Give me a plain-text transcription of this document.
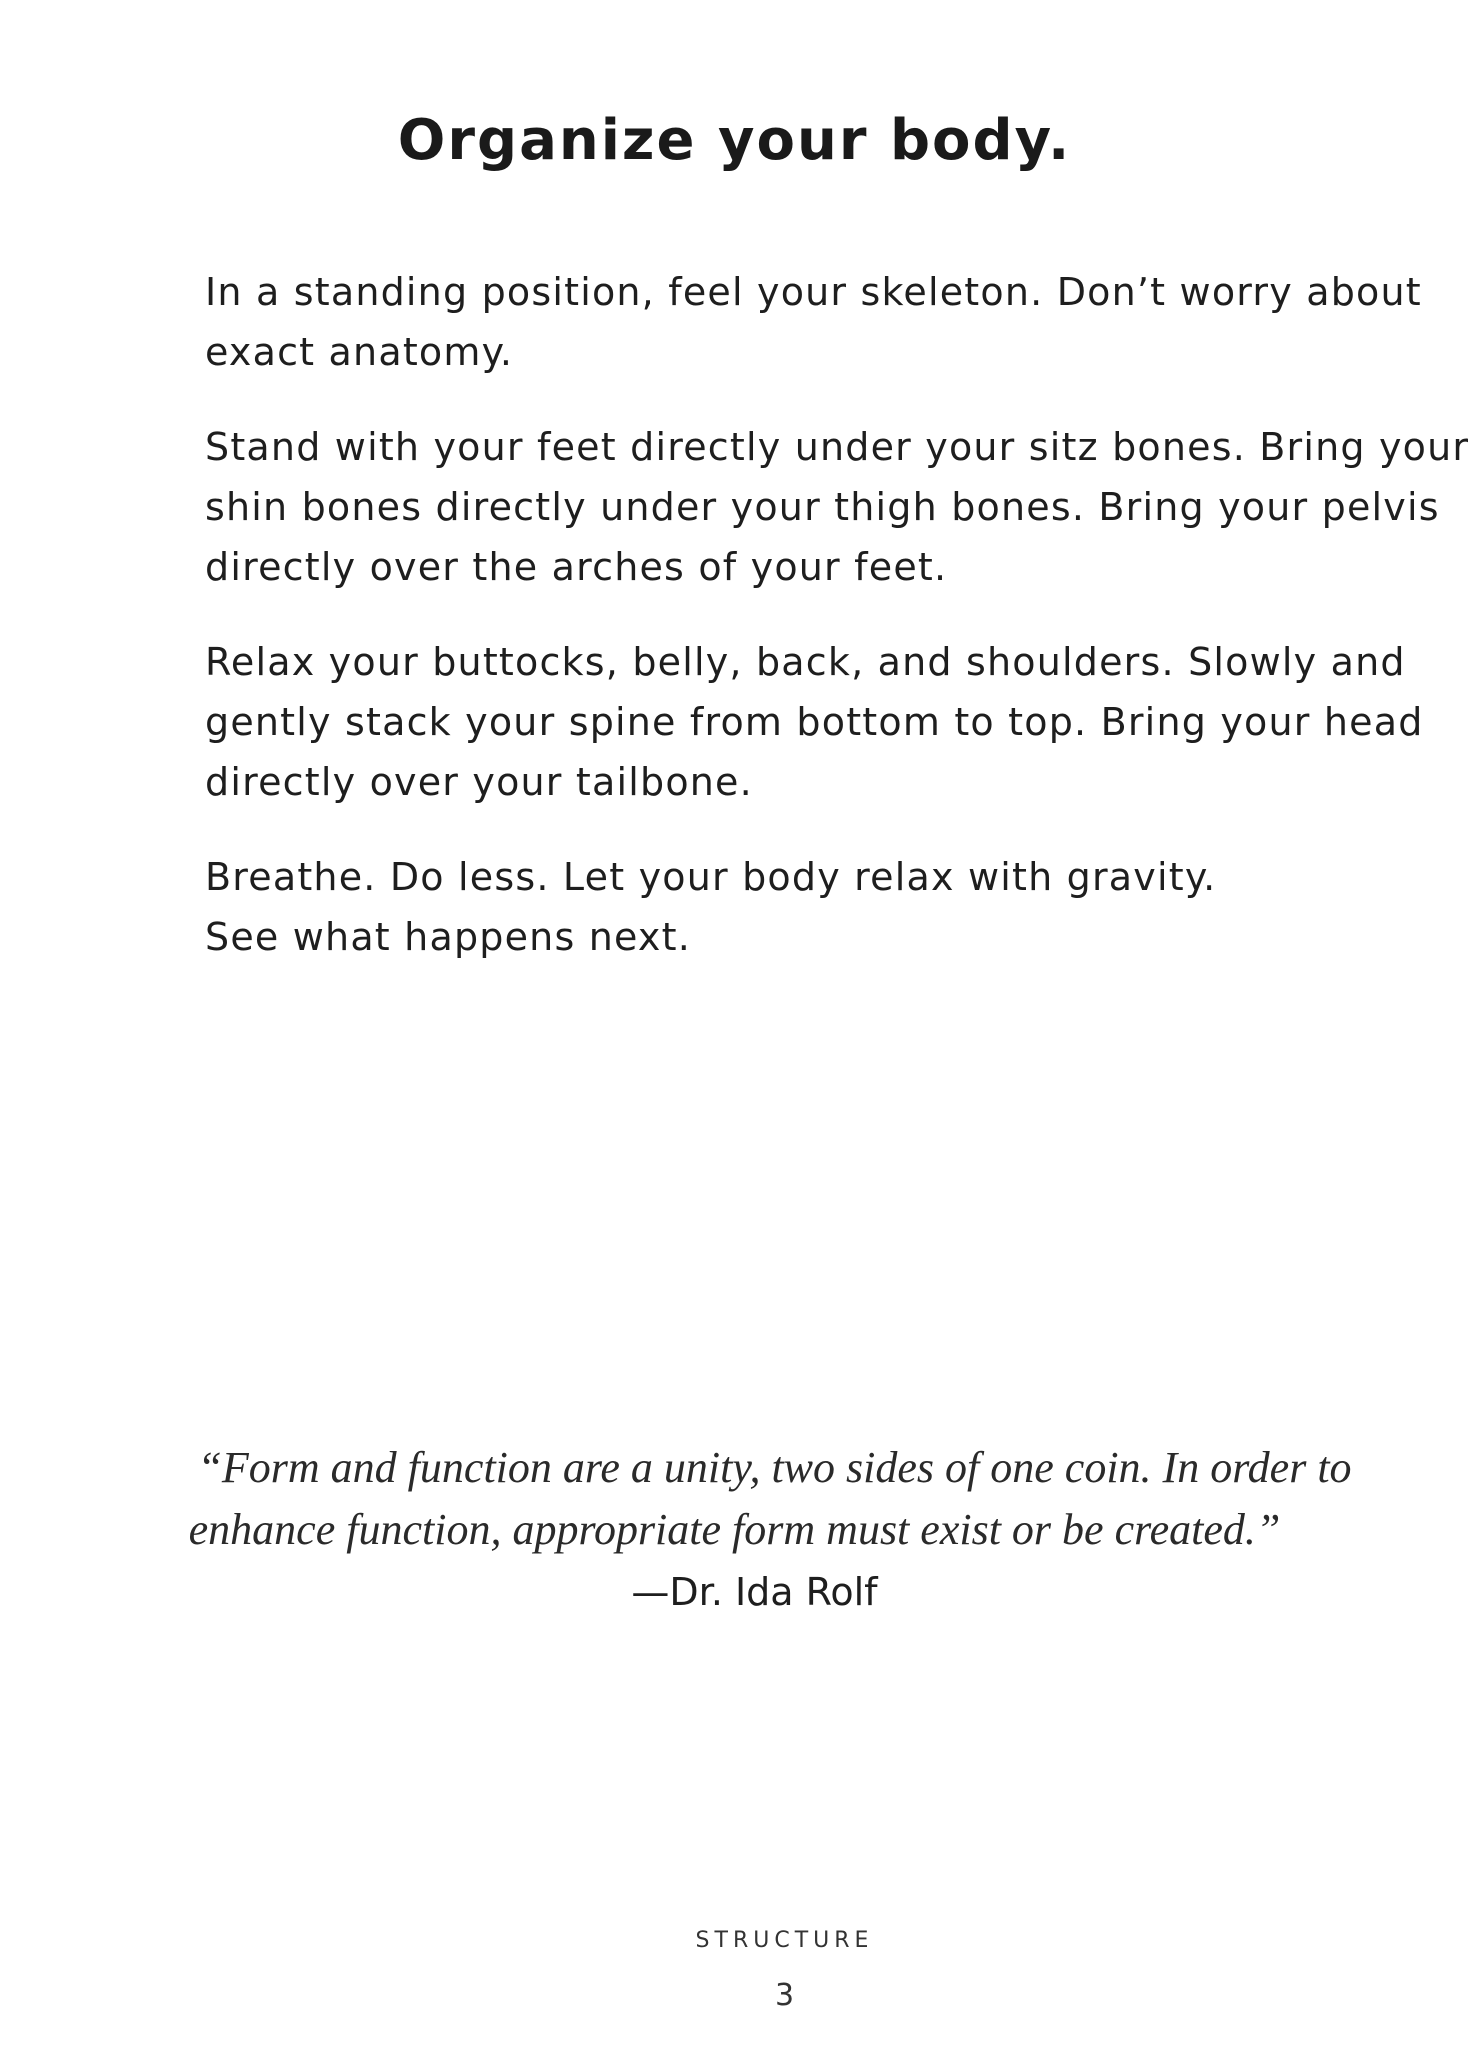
Organize your body.

In a standing position, feel your skeleton. Don’t worry about
exact anatomy.

Stand with your feet directly under your sitz bones. Bring your
shin bones directly under your thigh bones. Bring your pelvis
directly over the arches of your feet.

Relax your buttocks, belly, back, and shoulders. Slowly and
gently stack your spine from bottom to top. Bring your head
directly over your tailbone.

Breathe. Do less. Let your body relax with gravity.
See what happens next.

“Form and function are a unity, two sides of one coin. In order to
enhance function, appropriate form must exist or be created.”
—Dr. Ida Rolf
STRUCTURE
3
